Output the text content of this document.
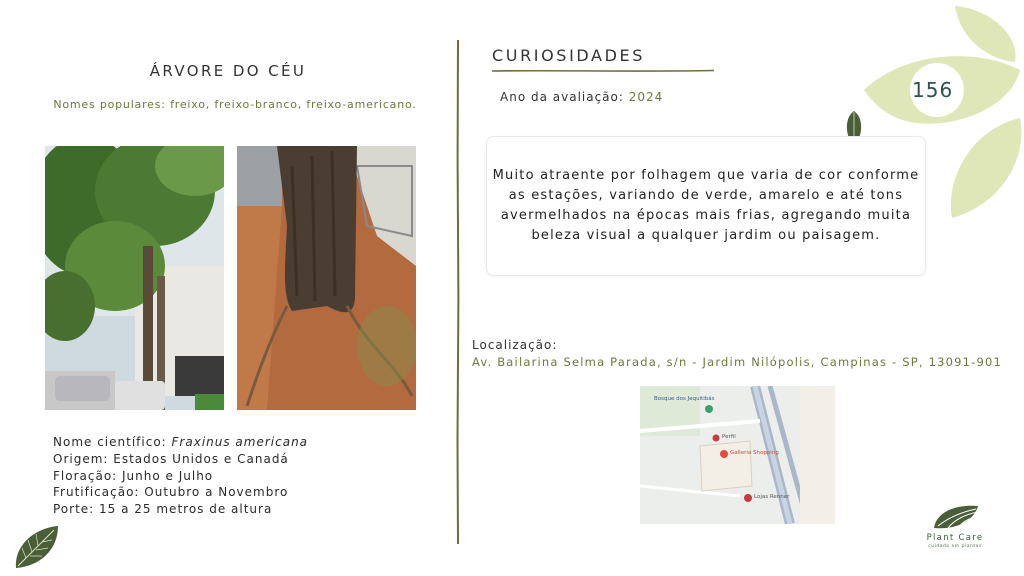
156
ÁRVORE DO CÉU
Nomes populares: freixo, freixo-branco, freixo-americano.
Nome científico: Fraxinus americana
Origem: Estados Unidos e Canadá
Floração: Junho e Julho
Frutificação: Outubro a Novembro
Porte: 15 a 25 metros de altura
CURIOSIDADES
Ano da avaliação: 2024
Muito atraente por folhagem que varia de cor conforme as estações, variando de verde, amarelo e até tons avermelhados na épocas mais frias, agregando muita beleza visual a qualquer jardim ou paisagem.
Localização:
Av. Bailarina Selma Parada, s/n - Jardim Nilópolis, Campinas - SP, 13091-901
Bosque dos Jequitibás
Galleria Shopping
Lojas Renner
Perfil
Plant Care
cuidado em plantas
